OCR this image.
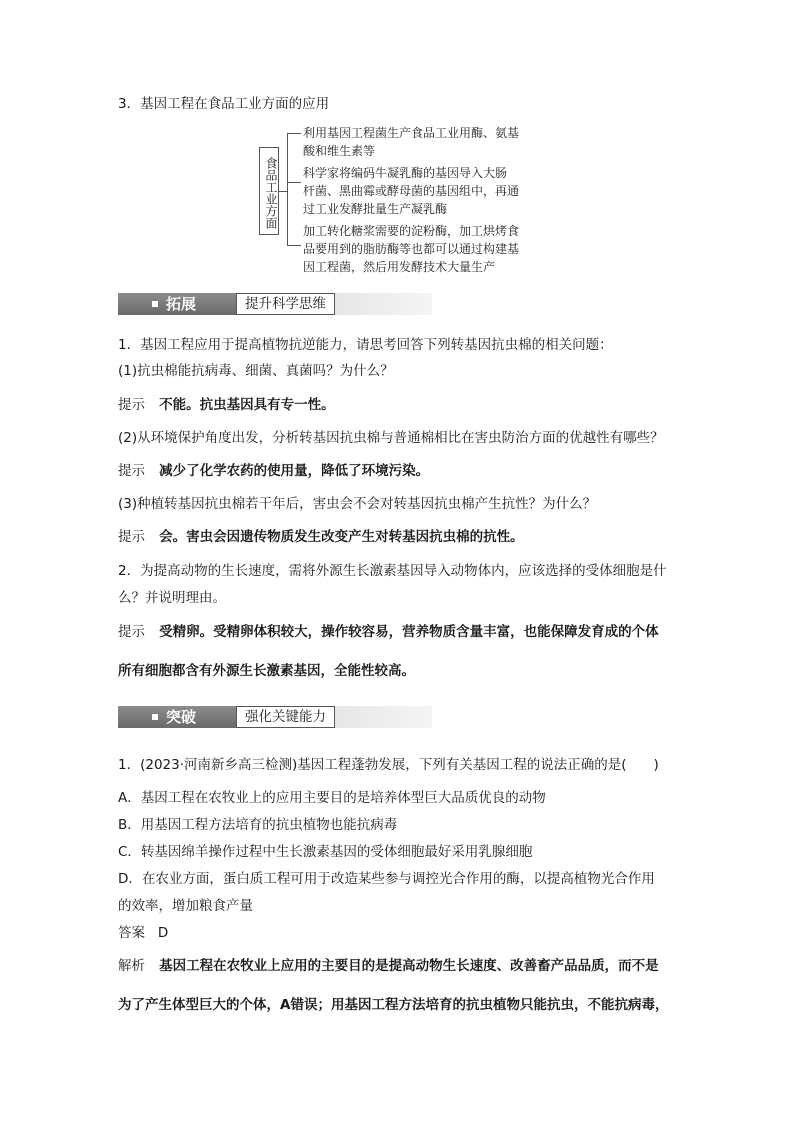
3．基因工程在食品工业方面的应用
食品工业方面
利用基因工程菌生产食品工业用酶、氨基
酸和维生素等
科学家将编码牛凝乳酶的基因导入大肠
杆菌、黑曲霉或酵母菌的基因组中，再通
过工业发酵批量生产凝乳酶
加工转化糖浆需要的淀粉酶，加工烘烤食
品要用到的脂肪酶等也都可以通过构建基
因工程菌，然后用发酵技术大量生产
拓展	提升科学思维
1．基因工程应用于提高植物抗逆能力，请思考回答下列转基因抗虫棉的相关问题：
(1)抗虫棉能抗病毒、细菌、真菌吗？为什么？
提示 不能。抗虫基因具有专一性。
(2)从环境保护角度出发，分析转基因抗虫棉与普通棉相比在害虫防治方面的优越性有哪些？
提示 减少了化学农药的使用量，降低了环境污染。
(3)种植转基因抗虫棉若干年后，害虫会不会对转基因抗虫棉产生抗性？为什么？
提示 会。害虫会因遗传物质发生改变产生对转基因抗虫棉的抗性。
2．为提高动物的生长速度，需将外源生长激素基因导入动物体内，应该选择的受体细胞是什
么？并说明理由。
提示 受精卵。受精卵体积较大，操作较容易，营养物质含量丰富，也能保障发育成的个体
所有细胞都含有外源生长激素基因，全能性较高。
突破	强化关键能力
1．(2023·河南新乡高三检测)基因工程蓬勃发展，下列有关基因工程的说法正确的是(　　)
A．基因工程在农牧业上的应用主要目的是培养体型巨大品质优良的动物
B．用基因工程方法培育的抗虫植物也能抗病毒
C．转基因绵羊操作过程中生长激素基因的受体细胞最好采用乳腺细胞
D．在农业方面，蛋白质工程可用于改造某些参与调控光合作用的酶，以提高植物光合作用
的效率，增加粮食产量
答案 D
解析 基因工程在农牧业上应用的主要目的是提高动物生长速度、改善畜产品品质，而不是
为了产生体型巨大的个体，A错误；用基因工程方法培育的抗虫植物只能抗虫，不能抗病毒，
